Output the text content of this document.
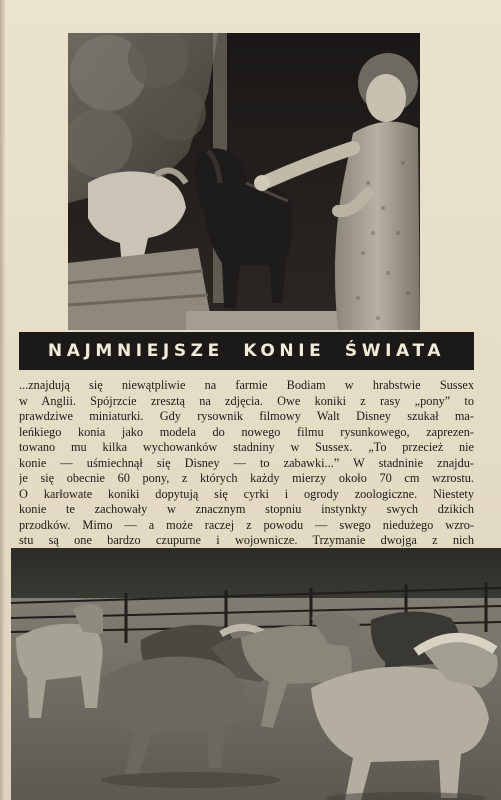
NAJMNIEJSZE KONIE ŚWIATA
...znajdują się niewątpliwie na farmie Bodiam w hrabstwie Sussex
w Anglii. Spójrzcie zresztą na zdjęcia. Owe koniki z rasy „pony” to
prawdziwe miniaturki. Gdy rysownik filmowy Walt Disney szukał ma-
leńkiego konia jako modela do nowego filmu rysunkowego, zaprezen-
towano mu kilka wychowanków stadniny w Sussex. „To przecież nie
konie — uśmiechnął się Disney — to zabawki...” W stadninie znajdu-
je się obecnie 60 pony, z których każdy mierzy około 70 cm wzrostu.
O karłowate koniki dopytują się cyrki i ogrody zoologiczne. Niestety
konie te zachowały w znacznym stopniu instynkty swych dzikich
przodków. Mimo — a może raczej z powodu — swego niedużego wzro-
stu są one bardzo czupurne i wojownicze. Trzymanie dwojga z nich
